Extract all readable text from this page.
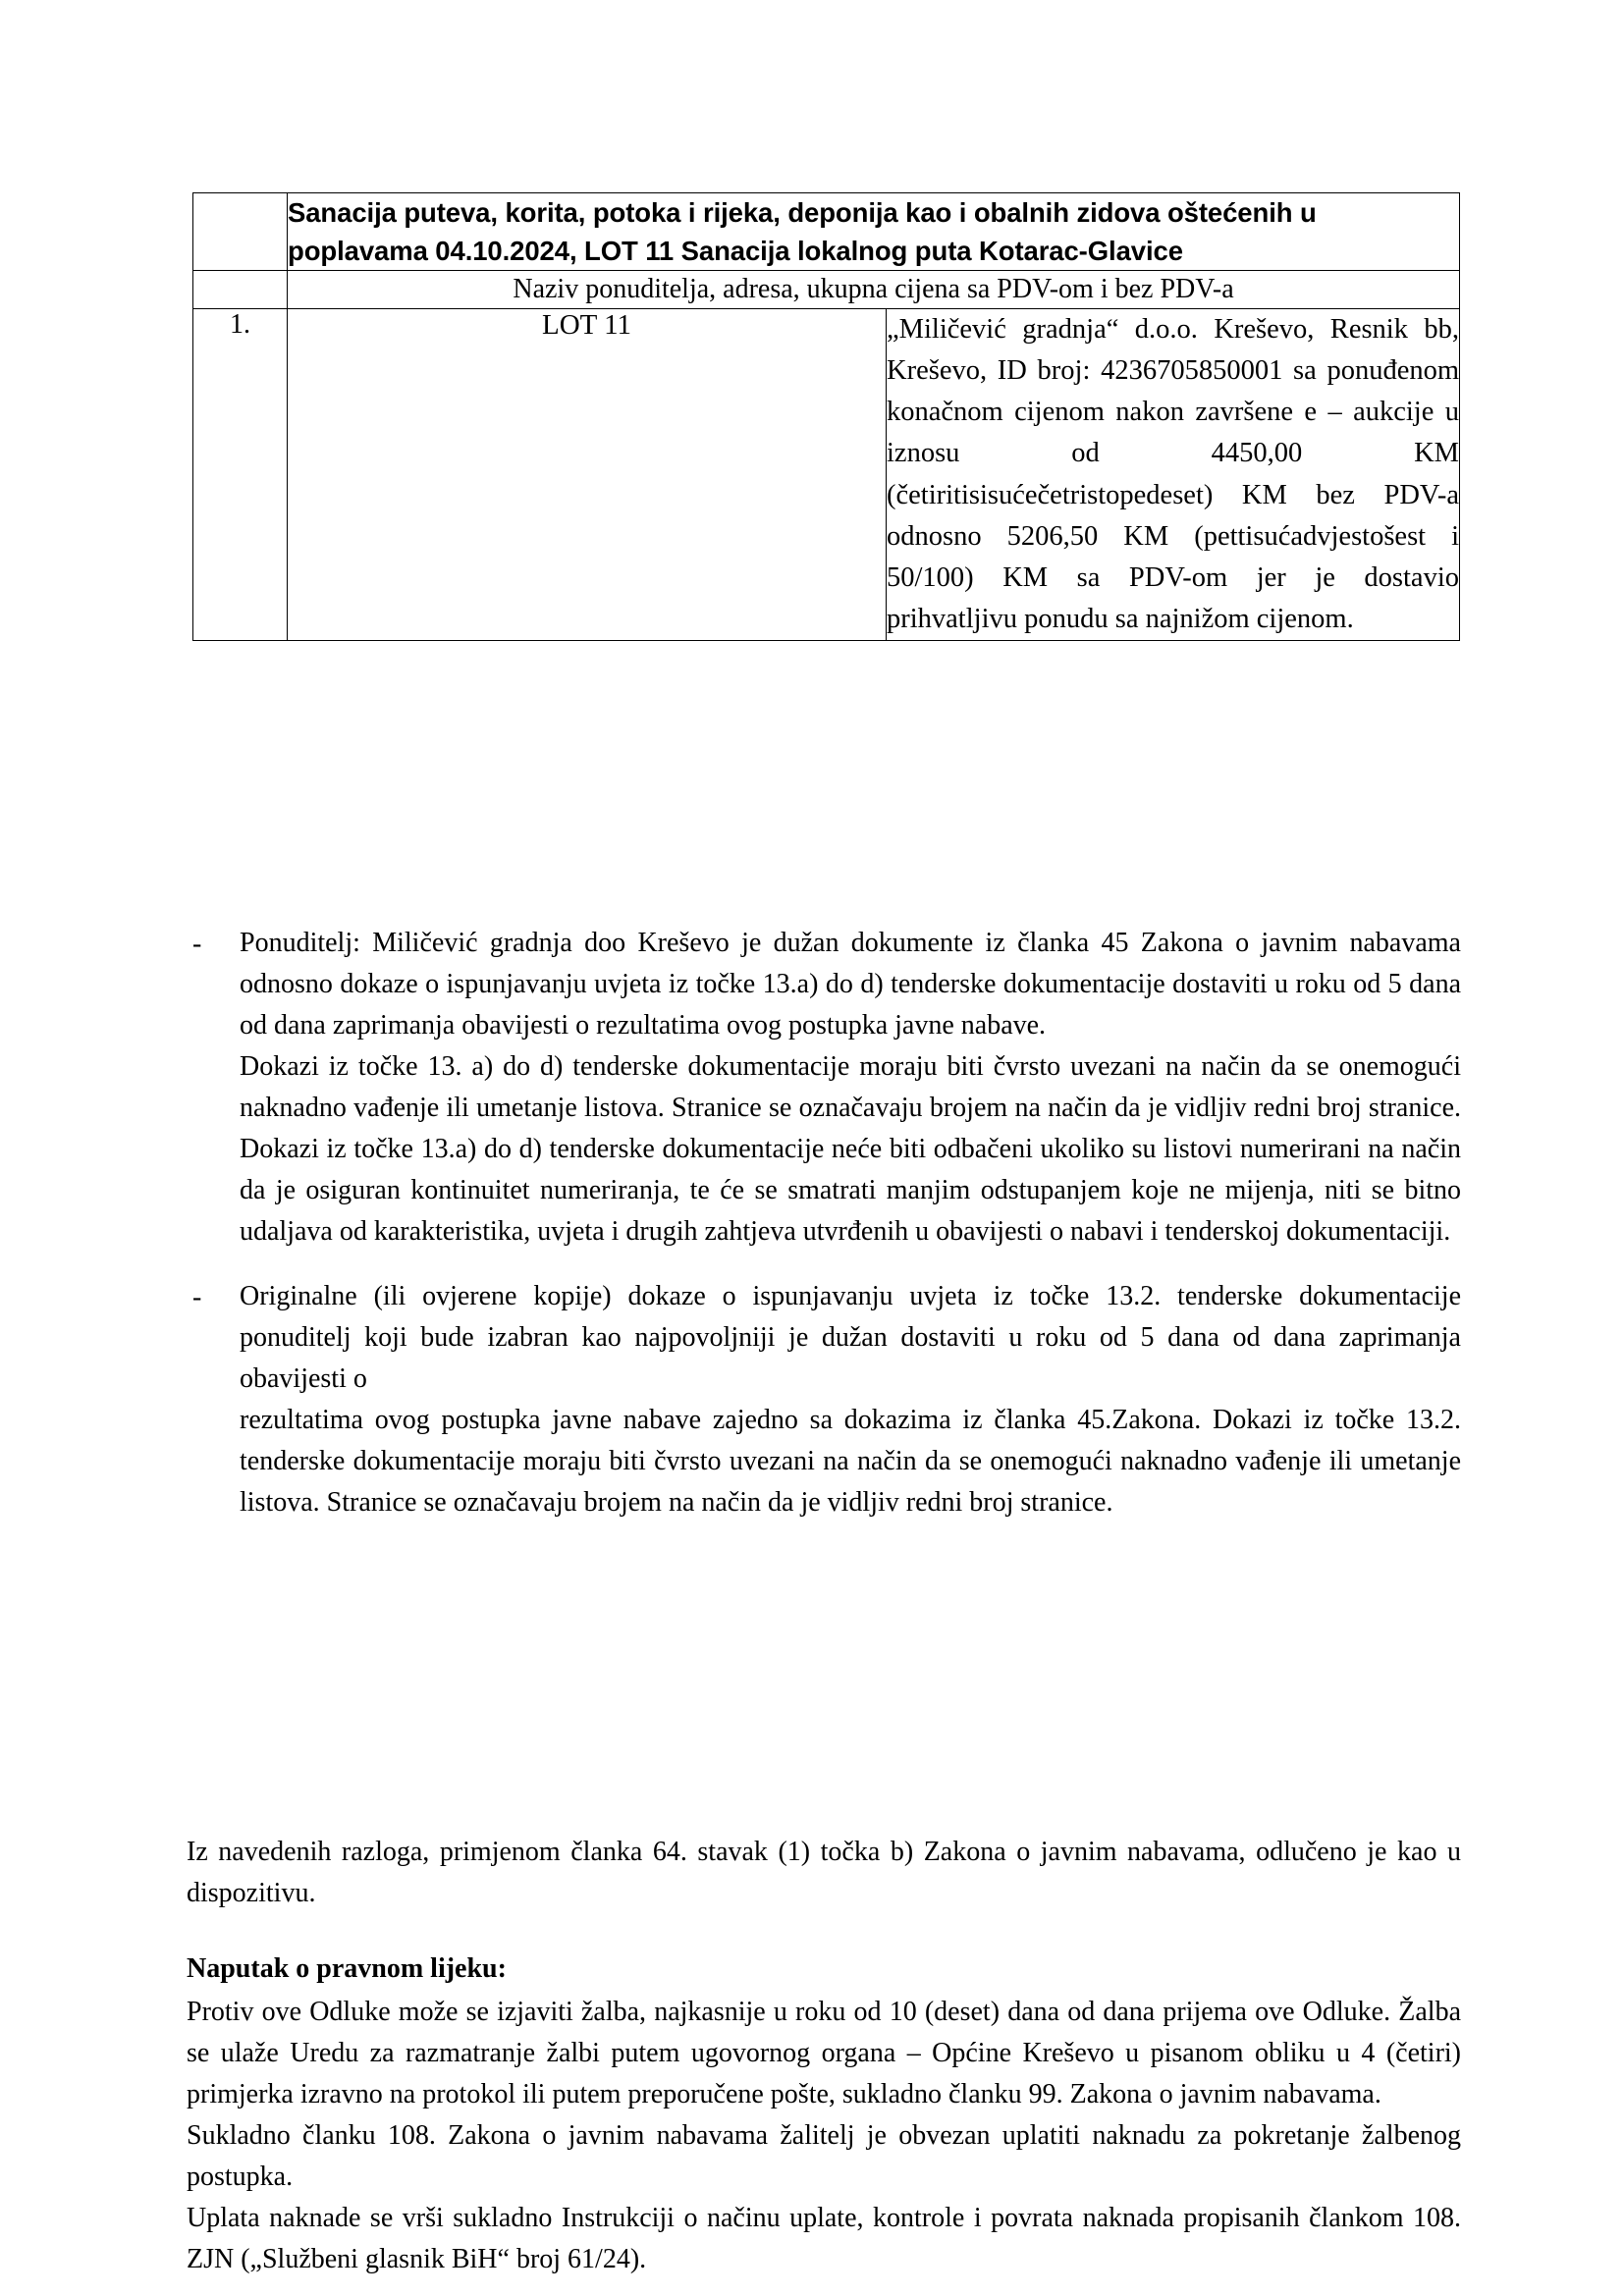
	Sanacija puteva, korita, potoka i rijeka, deponija kao i obalnih zidova oštećenih u poplavama 04.10.2024, LOT 11 Sanacija lokalnog puta Kotarac-Glavice	
	Naziv ponuditelja, adresa, ukupna cijena sa PDV-om i bez PDV-a	
1.	LOT 11	„Miličević gradnja“ d.o.o. Kreševo, Resnik bb, Kreševo, ID broj: 4236705850001 sa ponuđenom konačnom cijenom nakon završene e – aukcije u iznosu od 4450,00 KM (četiritisisućečetristopedeset) KM bez PDV-a odnosno 5206,50 KM (pettisućadvjestošest i 50/100) KM sa PDV-om jer je dostavio prihvatljivu ponudu sa najnižom cijenom.
-	Ponuditelj: Miličević gradnja doo Kreševo je dužan dokumente iz članka 45 Zakona o javnim nabavama odnosno dokaze o ispunjavanju uvjeta iz točke 13.a) do d) tenderske dokumentacije dostaviti u roku od 5 dana od dana zaprimanja obavijesti o rezultatima ovog postupka javne nabave.
Dokazi iz točke 13. a) do d) tenderske dokumentacije moraju biti čvrsto uvezani na način da se onemogući naknadno vađenje ili umetanje listova. Stranice se označavaju brojem na način da je vidljiv redni broj stranice. Dokazi iz točke 13.a) do d) tenderske dokumentacije neće biti odbačeni ukoliko su listovi numerirani na način da je osiguran kontinuitet numeriranja, te će se smatrati manjim odstupanjem koje ne mijenja, niti se bitno udaljava od karakteristika, uvjeta i drugih zahtjeva utvrđenih u obavijesti o nabavi i tenderskoj dokumentaciji.
-	Originalne (ili ovjerene kopije) dokaze o ispunjavanju uvjeta iz točke 13.2. tenderske dokumentacije ponuditelj koji bude izabran kao najpovoljniji je dužan dostaviti u roku od 5 dana od dana zaprimanja obavijesti o
rezultatima ovog postupka javne nabave zajedno sa dokazima iz članka 45.Zakona. Dokazi iz točke 13.2. tenderske dokumentacije moraju biti čvrsto uvezani na način da se onemogući naknadno vađenje ili umetanje listova. Stranice se označavaju brojem na način da je vidljiv redni broj stranice.
Iz navedenih razloga, primjenom članka 64. stavak (1) točka b) Zakona o javnim nabavama, odlučeno je kao u dispozitivu.
Naputak o pravnom lijeku:
Protiv ove Odluke može se izjaviti žalba, najkasnije u roku od 10 (deset) dana od dana prijema ove Odluke. Žalba se ulaže Uredu za razmatranje žalbi putem ugovornog organa – Općine Kreševo u pisanom obliku u 4 (četiri) primjerka izravno na protokol ili putem preporučene pošte, sukladno članku 99. Zakona o javnim nabavama.
Sukladno članku 108. Zakona o javnim nabavama žalitelj je obvezan uplatiti naknadu za pokretanje žalbenog postupka.
Uplata naknade se vrši sukladno Instrukciji o načinu uplate, kontrole i povrata naknada propisanih člankom 108. ZJN („Službeni glasnik BiH“ broj 61/24).
